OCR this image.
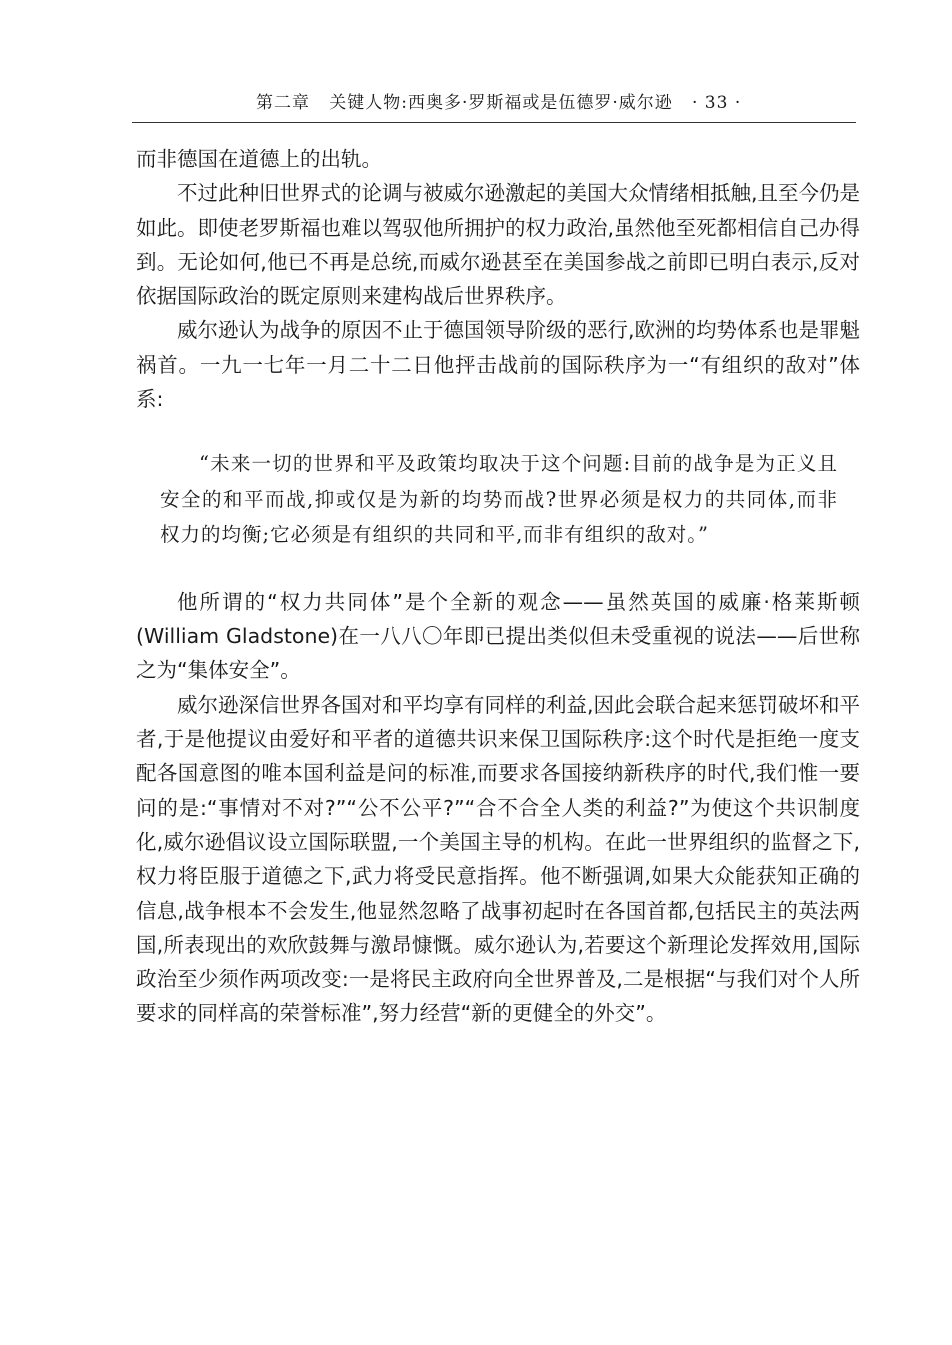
第二章 关键人物:西奥多·罗斯福或是伍德罗·威尔逊 · 33 ·

而非德国在道德上的出轨。

不过此种旧世界式的论调与被威尔逊激起的美国大众情绪相抵触,且至今仍是如此。即使老罗斯福也难以驾驭他所拥护的权力政治,虽然他至死都相信自己办得到。无论如何,他已不再是总统,而威尔逊甚至在美国参战之前即已明白表示,反对依据国际政治的既定原则来建构战后世界秩序。

威尔逊认为战争的原因不止于德国领导阶级的恶行,欧洲的均势体系也是罪魁祸首。一九一七年一月二十二日他抨击战前的国际秩序为一“有组织的敌对”体系:

“未来一切的世界和平及政策均取决于这个问题:目前的战争是为正义且安全的和平而战,抑或仅是为新的均势而战?世界必须是权力的共同体,而非权力的均衡;它必须是有组织的共同和平,而非有组织的敌对。”

他所谓的“权力共同体”是个全新的观念——虽然英国的威廉·格莱斯顿(William Gladstone)在一八八〇年即已提出类似但未受重视的说法——后世称之为“集体安全”。

威尔逊深信世界各国对和平均享有同样的利益,因此会联合起来惩罚破坏和平者,于是他提议由爱好和平者的道德共识来保卫国际秩序:这个时代是拒绝一度支配各国意图的唯本国利益是问的标准,而要求各国接纳新秩序的时代,我们惟一要问的是:“事情对不对?”“公不公平?”“合不合全人类的利益?”为使这个共识制度化,威尔逊倡议设立国际联盟,一个美国主导的机构。在此一世界组织的监督之下,权力将臣服于道德之下,武力将受民意指挥。他不断强调,如果大众能获知正确的信息,战争根本不会发生,他显然忽略了战事初起时在各国首都,包括民主的英法两国,所表现出的欢欣鼓舞与激昂慷慨。威尔逊认为,若要这个新理论发挥效用,国际政治至少须作两项改变:一是将民主政府向全世界普及,二是根据“与我们对个人所要求的同样高的荣誉标准”,努力经营“新的更健全的外交”。
